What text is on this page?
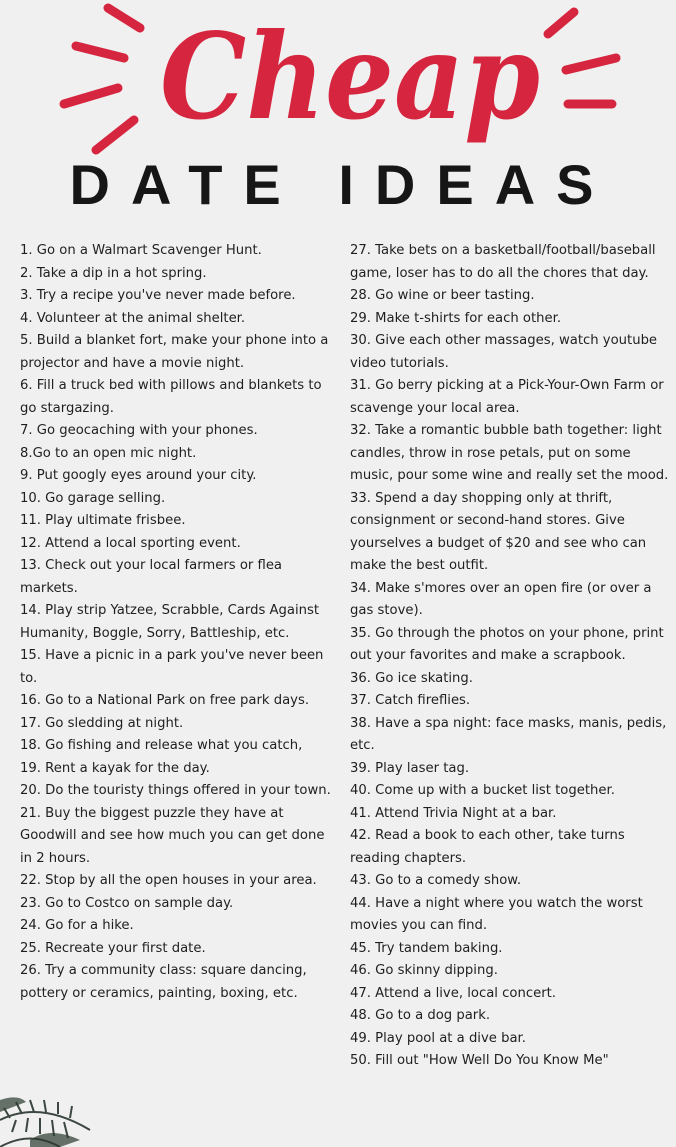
Cheap
DATE IDEAS
1. Go on a Walmart Scavenger Hunt.
2. Take a dip in a hot spring.
3. Try a recipe you've never made before.
4. Volunteer at the animal shelter.
5. Build a blanket fort, make your phone into a projector and have a movie night.
6. Fill a truck bed with pillows and blankets to go stargazing.
7. Go geocaching with your phones.
8.Go to an open mic night.
9. Put googly eyes around your city.
10. Go garage selling.
11. Play ultimate frisbee.
12. Attend a local sporting event.
13. Check out your local farmers or flea markets.
14. Play strip Yatzee, Scrabble, Cards Against Humanity, Boggle, Sorry, Battleship, etc.
15. Have a picnic in a park you've never been to.
16. Go to a National Park on free park days.
17. Go sledding at night.
18. Go fishing and release what you catch,
19. Rent a kayak for the day.
20. Do the touristy things offered in your town.
21. Buy the biggest puzzle they have at Goodwill and see how much you can get done in 2 hours.
22. Stop by all the open houses in your area.
23. Go to Costco on sample day.
24. Go for a hike.
25. Recreate your first date.
26. Try a community class: square dancing, pottery or ceramics, painting, boxing, etc.
27. Take bets on a basketball/football/baseball game, loser has to do all the chores that day.
28. Go wine or beer tasting.
29. Make t-shirts for each other.
30. Give each other massages, watch youtube video tutorials.
31. Go berry picking at a Pick-Your-Own Farm or scavenge your local area.
32. Take a romantic bubble bath together: light candles, throw in rose petals, put on some music, pour some wine and really set the mood.
33. Spend a day shopping only at thrift, consignment or second-hand stores. Give yourselves a budget of $20 and see who can make the best outfit.
34. Make s'mores over an open fire (or over a gas stove).
35. Go through the photos on your phone, print out your favorites and make a scrapbook.
36. Go ice skating.
37. Catch fireflies.
38. Have a spa night: face masks, manis, pedis, etc.
39. Play laser tag.
40. Come up with a bucket list together.
41. Attend Trivia Night at a bar.
42. Read a book to each other, take turns reading chapters.
43. Go to a comedy show.
44. Have a night where you watch the worst movies you can find.
45. Try tandem baking.
46. Go skinny dipping.
47. Attend a live, local concert.
48. Go to a dog park.
49. Play pool at a dive bar.
50. Fill out "How Well Do You Know Me"
